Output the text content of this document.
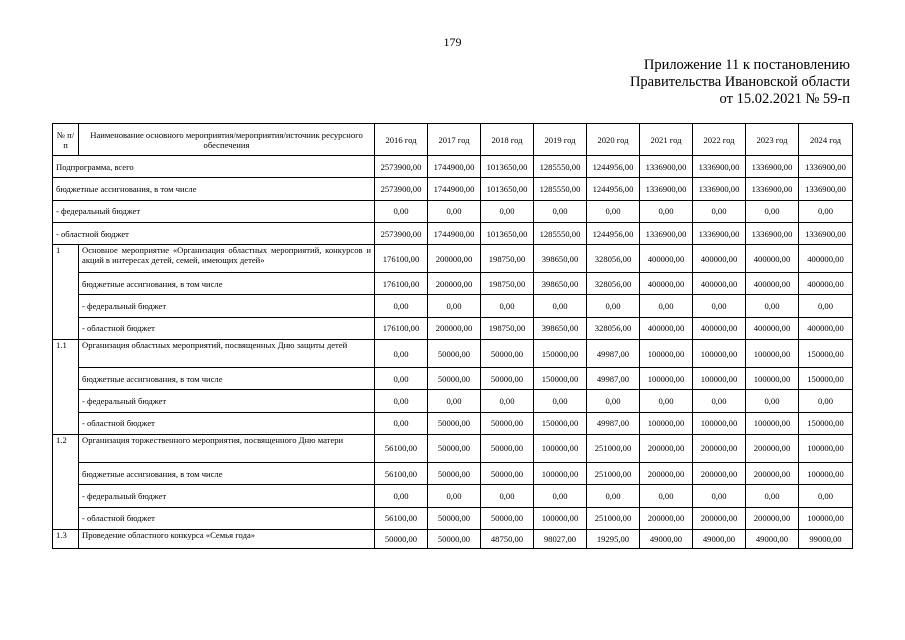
179
Приложение 11 к постановлению
Правительства Ивановской области
от 15.02.2021 № 59-п
№ п/п	Наименование основного мероприятия/мероприятия/источник ресурсного обеспечения	2016 год	2017 год	2018 год	2019 год	2020 год	2021 год	2022 год	2023 год	2024 год
Подпрограмма, всего		2573900,00	1744900,00	1013650,00	1285550,00	1244956,00	1336900,00	1336900,00	1336900,00	1336900,00
бюджетные ассигнования, в том числе		2573900,00	1744900,00	1013650,00	1285550,00	1244956,00	1336900,00	1336900,00	1336900,00	1336900,00
- федеральный бюджет		0,00	0,00	0,00	0,00	0,00	0,00	0,00	0,00	0,00
- областной бюджет		2573900,00	1744900,00	1013650,00	1285550,00	1244956,00	1336900,00	1336900,00	1336900,00	1336900,00
1	Основное мероприятие «Организация областных мероприятий, конкурсов и акций в интересах детей, семей, имеющих детей»	176100,00	200000,00	198750,00	398650,00	328056,00	400000,00	400000,00	400000,00	400000,00
	бюджетные ассигнования, в том числе	176100,00	200000,00	198750,00	398650,00	328056,00	400000,00	400000,00	400000,00	400000,00
	- федеральный бюджет	0,00	0,00	0,00	0,00	0,00	0,00	0,00	0,00	0,00
	- областной бюджет	176100,00	200000,00	198750,00	398650,00	328056,00	400000,00	400000,00	400000,00	400000,00
1.1	Организация областных мероприятий, посвященных Дню защиты детей	0,00	50000,00	50000,00	150000,00	49987,00	100000,00	100000,00	100000,00	150000,00
	бюджетные ассигнования, в том числе	0,00	50000,00	50000,00	150000,00	49987,00	100000,00	100000,00	100000,00	150000,00
	- федеральный бюджет	0,00	0,00	0,00	0,00	0,00	0,00	0,00	0,00	0,00
	- областной бюджет	0,00	50000,00	50000,00	150000,00	49987,00	100000,00	100000,00	100000,00	150000,00
1.2	Организация торжественного мероприятия, посвященного Дню матери	56100,00	50000,00	50000,00	100000,00	251000,00	200000,00	200000,00	200000,00	100000,00
	бюджетные ассигнования, в том числе	56100,00	50000,00	50000,00	100000,00	251000,00	200000,00	200000,00	200000,00	100000,00
	- федеральный бюджет	0,00	0,00	0,00	0,00	0,00	0,00	0,00	0,00	0,00
	- областной бюджет	56100,00	50000,00	50000,00	100000,00	251000,00	200000,00	200000,00	200000,00	100000,00
1.3	Проведение областного конкурса «Семья года»	50000,00	50000,00	48750,00	98027,00	19295,00	49000,00	49000,00	49000,00	99000,00
